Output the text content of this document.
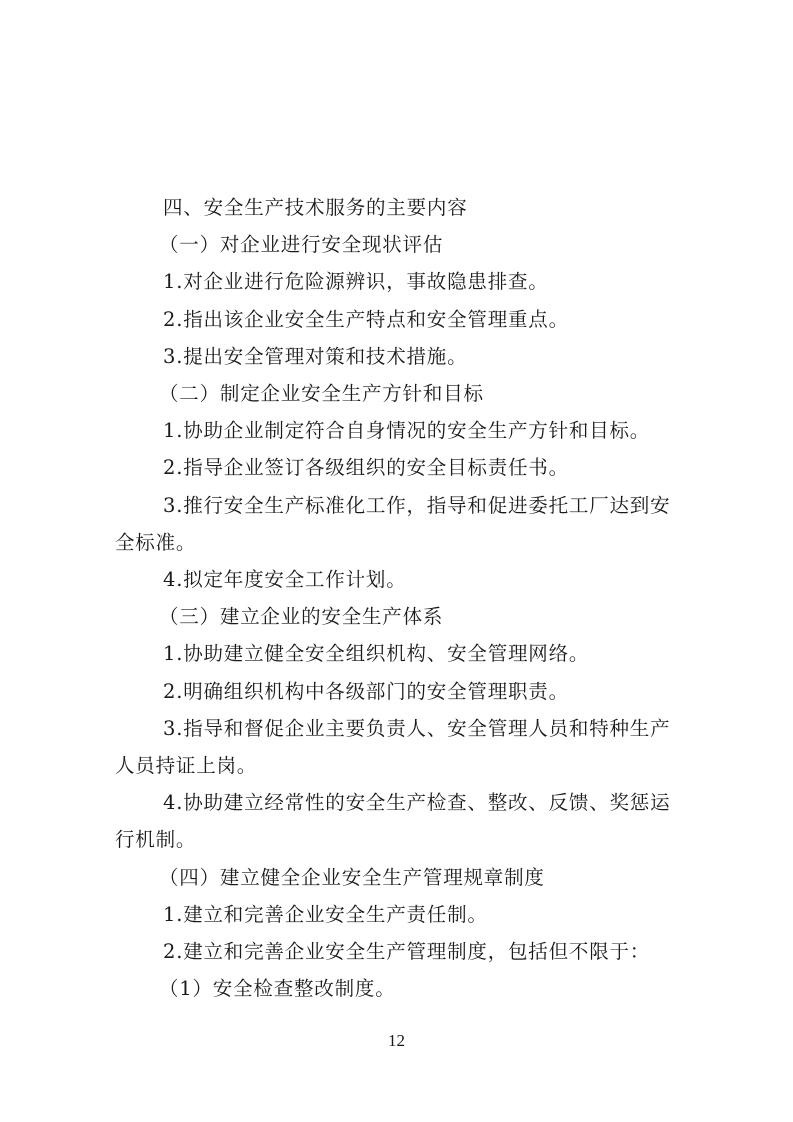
四、安全生产技术服务的主要内容

（一）对企业进行安全现状评估

1.对企业进行危险源辨识，事故隐患排查。

2.指出该企业安全生产特点和安全管理重点。

3.提出安全管理对策和技术措施。

（二）制定企业安全生产方针和目标

1.协助企业制定符合自身情况的安全生产方针和目标。

2.指导企业签订各级组织的安全目标责任书。

3.推行安全生产标准化工作，指导和促进委托工厂达到安全标准。

4.拟定年度安全工作计划。

（三）建立企业的安全生产体系

1.协助建立健全安全组织机构、安全管理网络。

2.明确组织机构中各级部门的安全管理职责。

3.指导和督促企业主要负责人、安全管理人员和特种生产人员持证上岗。

4.协助建立经常性的安全生产检查、整改、反馈、奖惩运行机制。

（四）建立健全企业安全生产管理规章制度

1.建立和完善企业安全生产责任制。

2.建立和完善企业安全生产管理制度，包括但不限于：

（1）安全检查整改制度。

12
